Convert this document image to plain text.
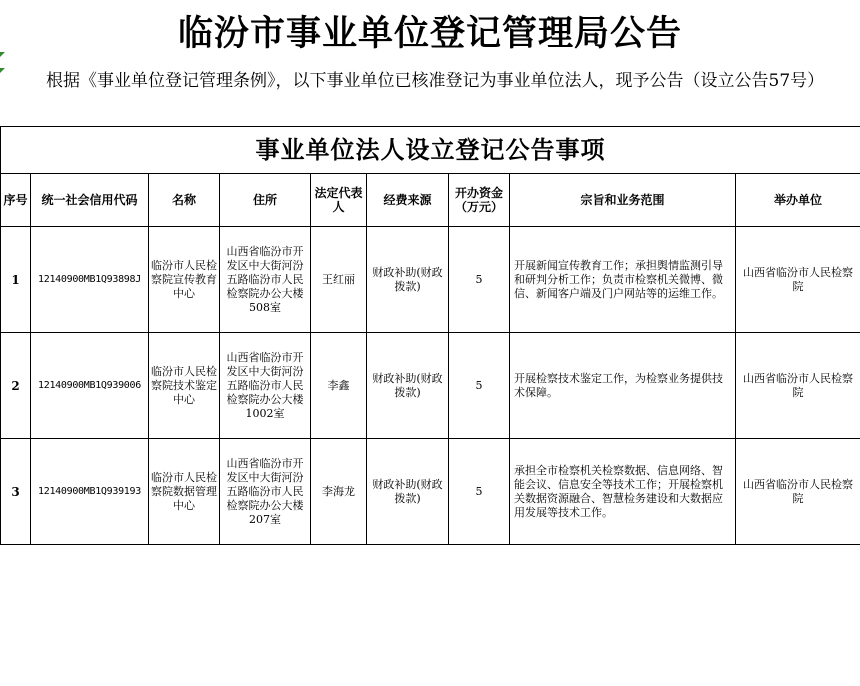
临汾市事业单位登记管理局公告
根据《事业单位登记管理条例》，以下事业单位已核准登记为事业单位法人，现予公告（设立公告57号）
事业单位法人设立登记公告事项								
序号	统一社会信用代码	名称	住所	法定代表人	经费来源	开办资金（万元）	宗旨和业务范围	举办单位
1	12140900MB1Q93898J	临汾市人民检察院宣传教育中心	山西省临汾市开发区中大街河汾五路临汾市人民检察院办公大楼508室	王红丽	财政补助(财政拨款)	5	开展新闻宣传教育工作；承担舆情监测引导和研判分析工作；负责市检察机关微博、微信、新闻客户端及门户网站等的运维工作。	山西省临汾市人民检察院
2	12140900MB1Q939006	临汾市人民检察院技术鉴定中心	山西省临汾市开发区中大街河汾五路临汾市人民检察院办公大楼1002室	李鑫	财政补助(财政拨款)	5	开展检察技术鉴定工作，为检察业务提供技术保障。	山西省临汾市人民检察院
3	12140900MB1Q939193	临汾市人民检察院数据管理中心	山西省临汾市开发区中大街河汾五路临汾市人民检察院办公大楼207室	李海龙	财政补助(财政拨款)	5	承担全市检察机关检察数据、信息网络、智能会议、信息安全等技术工作；开展检察机关数据资源融合、智慧检务建设和大数据应用发展等技术工作。	山西省临汾市人民检察院
